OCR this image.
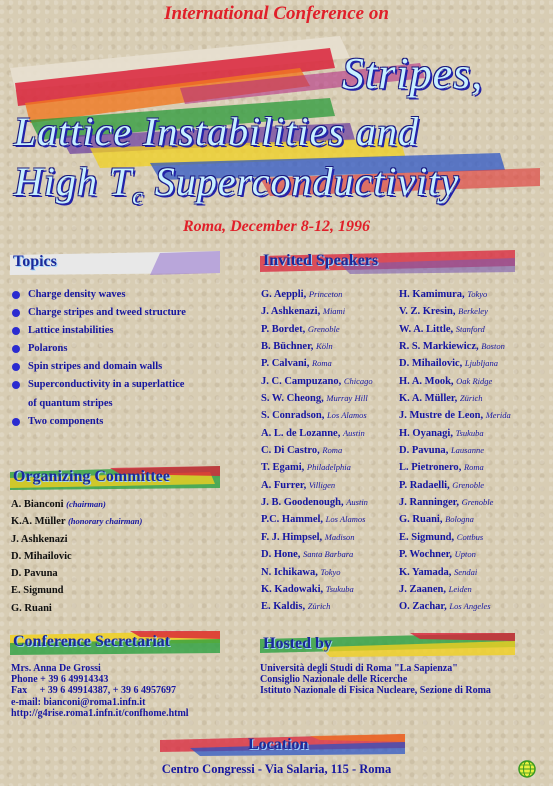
International Conference on
Stripes,
Lattice Instabilities and
High $T_c$ Superconductivity
Roma, December 8-12, 1996
Topics
Charge density waves
Charge stripes and tweed structure
Lattice instabilities
Polarons
Spin stripes and domain walls
Superconductivity in a superlattice
of quantum stripes
Two components
Organizing Committee
A. Bianconi (chairman)
K.A. Müller (honorary chairman)
J. Ashkenazi
D. Mihailovic
D. Pavuna
E. Sigmund
G. Ruani
Invited Speakers
G. Aeppli, Princeton
J. Ashkenazi, Miami
P. Bordet, Grenoble
B. Büchner, Köln
P. Calvani, Roma
J. C. Campuzano, Chicago
S. W. Cheong, Murray Hill
S. Conradson, Los Alamos
A. L. de Lozanne, Austin
C. Di Castro, Roma
T. Egami, Philadelphia
A. Furrer, Villigen
J. B. Goodenough, Austin
P.C. Hammel, Los Alamos
F. J. Himpsel, Madison
D. Hone, Santa Barbara
N. Ichikawa, Tokyo
K. Kadowaki, Tsukuba
E. Kaldis, Zürich
H. Kamimura, Tokyo
V. Z. Kresin, Berkeley
W. A. Little, Stanford
R. S. Markiewicz, Boston
D. Mihailovic, Ljubljana
H. A. Mook, Oak Ridge
K. A. Müller, Zürich
J. Mustre de Leon, Merida
H. Oyanagi, Tsukuba
D. Pavuna, Lausanne
L. Pietronero, Roma
P. Radaelli, Grenoble
J. Ranninger, Grenoble
G. Ruani, Bologna
E. Sigmund, Cottbus
P. Wochner, Upton
K. Yamada, Sendai
J. Zaanen, Leiden
O. Zachar, Los Angeles
Conference Secretariat
Mrs. Anna De Grossi
Phone + 39 6 49914343
Fax     + 39 6 49914387, + 39 6 4957697
e-mail: bianconi@roma1.infn.it
http://g4rise.roma1.infn.it/confhome.html
Hosted by
Università degli Studi di Roma "La Sapienza"
Consiglio Nazionale delle Ricerche
Istituto Nazionale di Fisica Nucleare, Sezione di Roma
Location
Centro Congressi - Via Salaria, 115 - Roma
